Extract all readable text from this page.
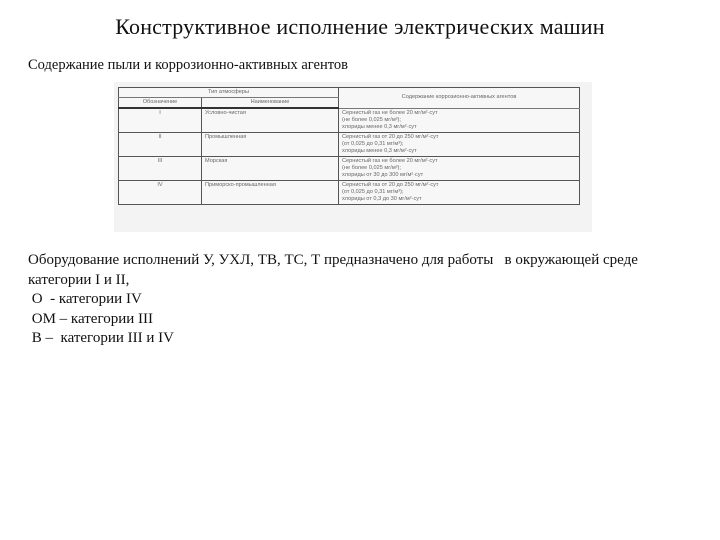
Конструктивное исполнение электрических машин
Содержание пыли и коррозионно-активных агентов
Тип атмосферы		Содержание коррозионно-активных агентов
Обозначение	Наименование	
I	Условно-чистая	Сернистый газ не более 20 мг/м²·сут
(не более 0,025 мг/м³);
хлориды менее 0,3 мг/м²·сут

II	Промышленная	Сернистый газ от 20 до 250 мг/м²·сут
(от 0,025 до 0,31 мг/м³);
хлориды менее 0,3 мг/м²·сут

III	Морская	Сернистый газ не более 20 мг/м²·сут
(не более 0,025 мг/м³);
хлориды от 30 до 300 мг/м²·сут

IV	Приморско-промышленная	Сернистый газ от 20 до 250 мг/м²·сут
(от 0,025 до 0,31 мг/м³);
хлориды от 0,3 до 30 мг/м²·сут
Оборудование исполнений У, УХЛ, ТВ, ТС, Т предназначено для работы   в окружающей среде
категории I и II,
О  - категории IV
ОМ – категории III
В –  категории III и IV
